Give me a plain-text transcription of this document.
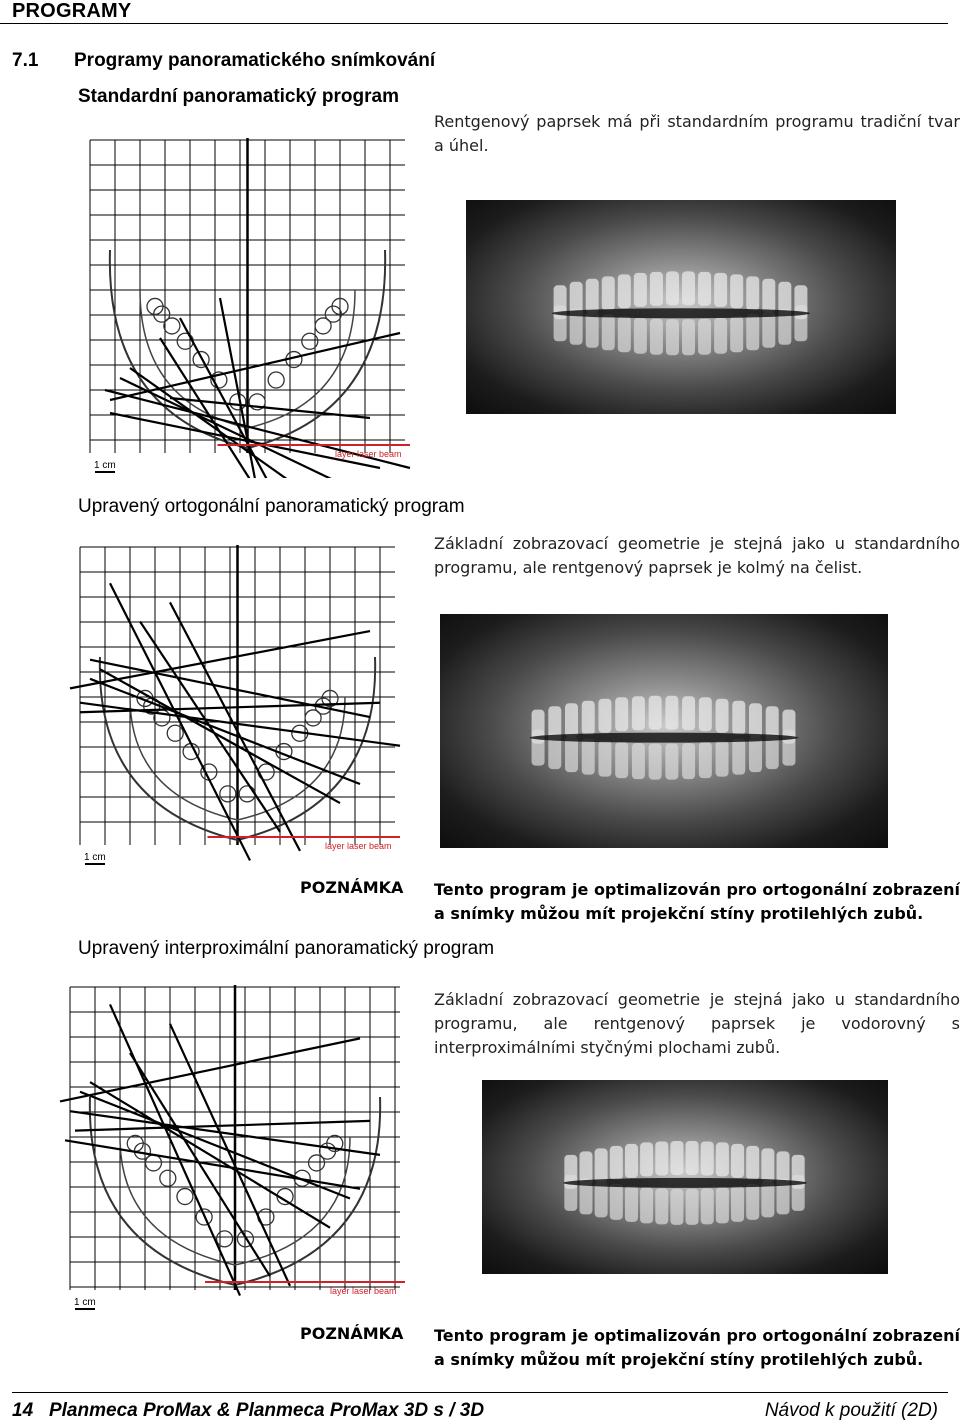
PROGRAMY
7.1 Programy panoramatického snímkování
Standardní panoramatický program
Rentgenový paprsek má při standardním programu tradiční tvar a úhel.
layer laser beam
1 cm
Upravený ortogonální panoramatický program
Základní zobrazovací geometrie je stejná jako u standardního programu, ale rentgenový paprsek je kolmý na čelist.
layer laser beam
1 cm
POZNÁMKA Tento program je optimalizován pro ortogonální zobrazení a snímky můžou mít projekční stíny protilehlých zubů.
Upravený interproximální panoramatický program
Základní zobrazovací geometrie je stejná jako u standardního programu, ale rentgenový paprsek je vodorovný s interproximálními styčnými plochami zubů.
layer laser beam
1 cm
POZNÁMKA Tento program je optimalizován pro ortogonální zobrazení a snímky můžou mít projekční stíny protilehlých zubů.
14 Planmeca ProMax & Planmeca ProMax 3D s / 3D	Návod k použití (2D)
